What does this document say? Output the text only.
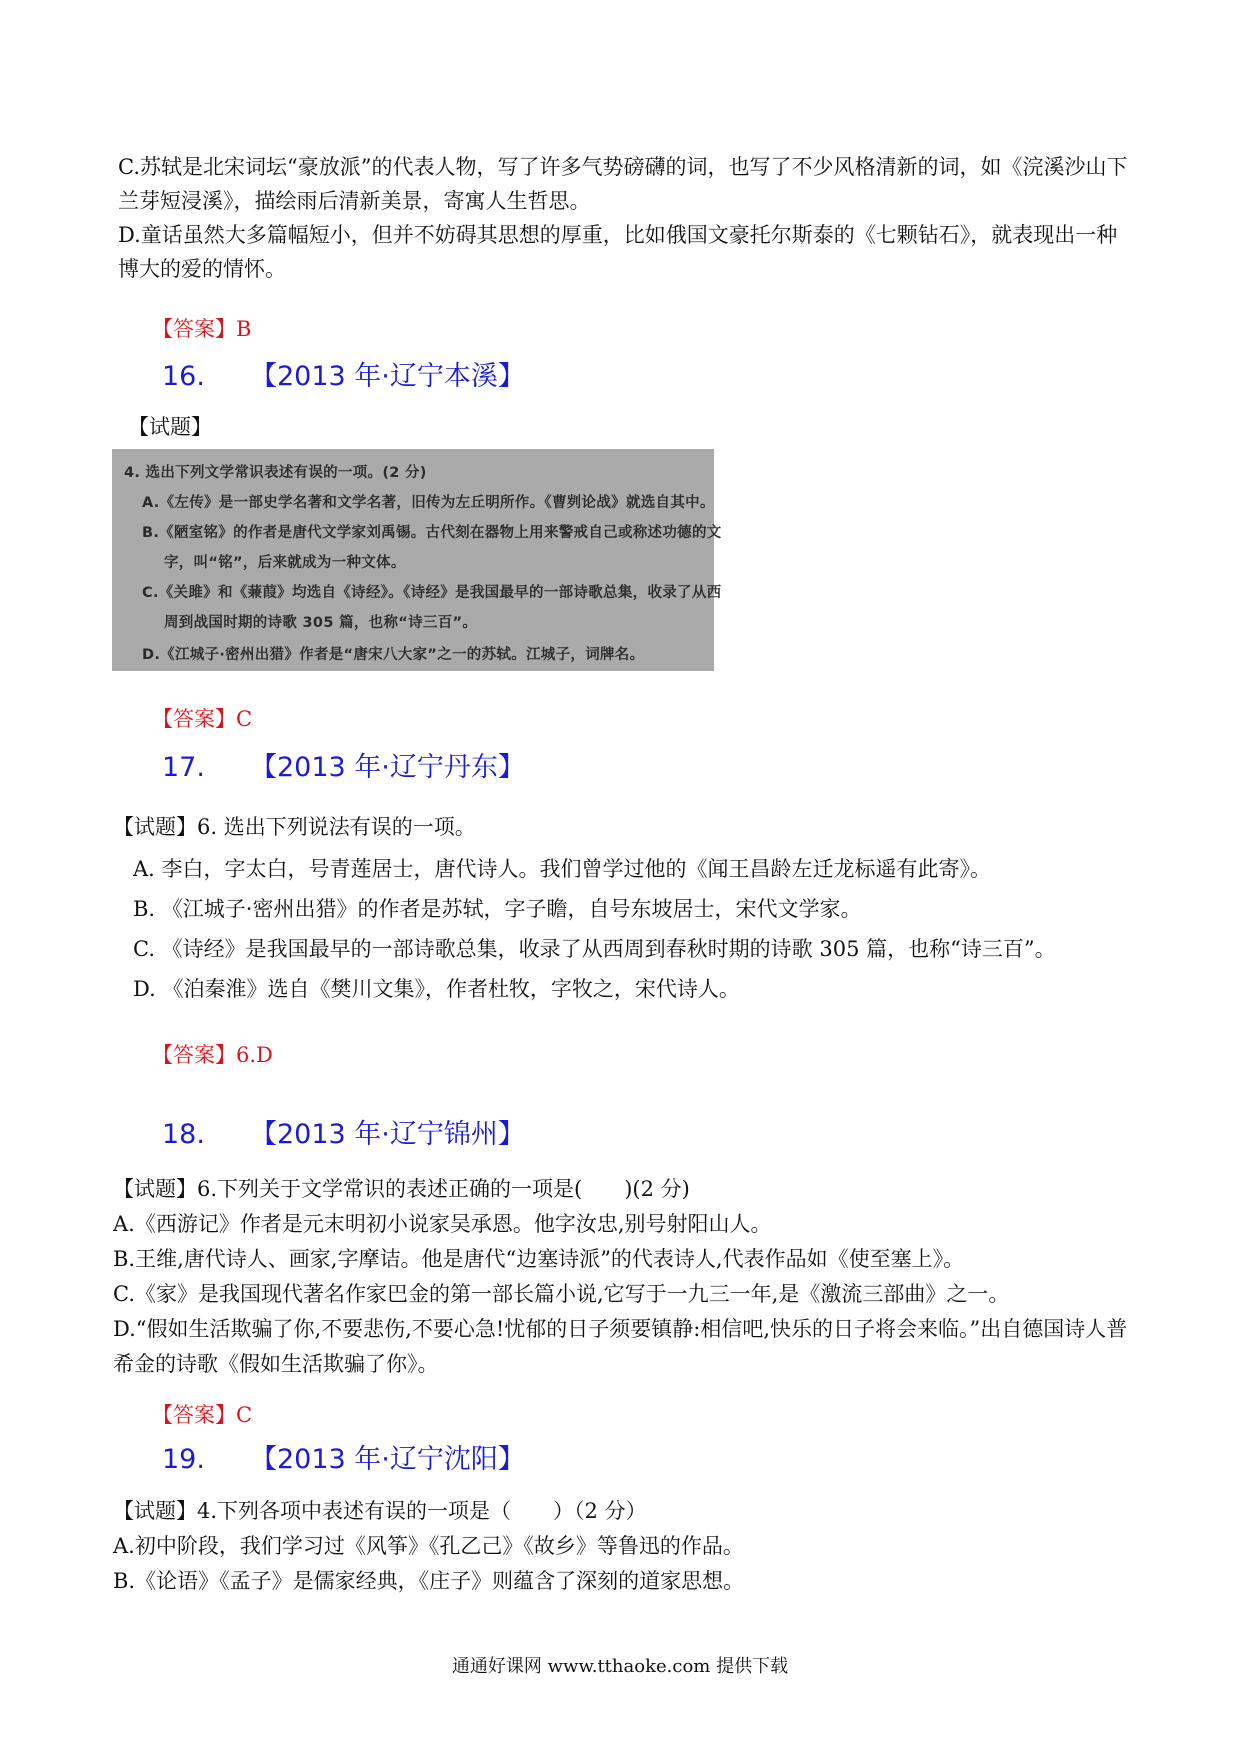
C.苏轼是北宋词坛“豪放派”的代表人物，写了许多气势磅礴的词，也写了不少风格清新的词，如《浣溪沙山下兰芽短浸溪》，描绘雨后清新美景，寄寓人生哲思。

D.童话虽然大多篇幅短小，但并不妨碍其思想的厚重，比如俄国文豪托尔斯泰的《七颗钻石》，就表现出一种博大的爱的情怀。

【答案】B
16. 【2013 年·辽宁本溪】
【试题】
4. 选出下列文学常识表述有误的一项。(2 分)
A.《左传》是一部史学名著和文学名著，旧传为左丘明所作。《曹刿论战》就选自其中。
B.《陋室铭》的作者是唐代文学家刘禹锡。古代刻在器物上用来警戒自己或称述功德的文
字，叫“铭”，后来就成为一种文体。
C.《关雎》和《蒹葭》均选自《诗经》。《诗经》是我国最早的一部诗歌总集，收录了从西
周到战国时期的诗歌 305 篇，也称“诗三百”。
D.《江城子·密州出猎》作者是“唐宋八大家”之一的苏轼。江城子，词牌名。
【答案】C
17. 【2013 年·辽宁丹东】
【试题】6. 选出下列说法有误的一项。
A. 李白，字太白，号青莲居士，唐代诗人。我们曾学过他的《闻王昌龄左迁龙标遥有此寄》。
B. 《江城子·密州出猎》的作者是苏轼，字子瞻，自号东坡居士，宋代文学家。
C. 《诗经》是我国最早的一部诗歌总集，收录了从西周到春秋时期的诗歌 305 篇，也称“诗三百”。
D. 《泊秦淮》选自《樊川文集》，作者杜牧，字牧之，宋代诗人。
【答案】6.D
18. 【2013 年·辽宁锦州】

【试题】6.下列关于文学常识的表述正确的一项是(　　)(2 分)

A.《西游记》作者是元末明初小说家吴承恩。他字汝忠,别号射阳山人。

B.王维,唐代诗人、画家,字摩诘。他是唐代“边塞诗派”的代表诗人,代表作品如《使至塞上》。

C.《家》是我国现代著名作家巴金的第一部长篇小说,它写于一九三一年,是《激流三部曲》之一。

D.“假如生活欺骗了你,不要悲伤,不要心急!忧郁的日子须要镇静:相信吧,快乐的日子将会来临。”出自德国诗人普希金的诗歌《假如生活欺骗了你》。

【答案】C
19. 【2013 年·辽宁沈阳】

【试题】4.下列各项中表述有误的一项是（　　）（2 分）

A.初中阶段，我们学习过《风筝》《孔乙己》《故乡》等鲁迅的作品。

B.《论语》《孟子》是儒家经典，《庄子》则蕴含了深刻的道家思想。

通通好课网 www.tthaoke.com 提供下载
